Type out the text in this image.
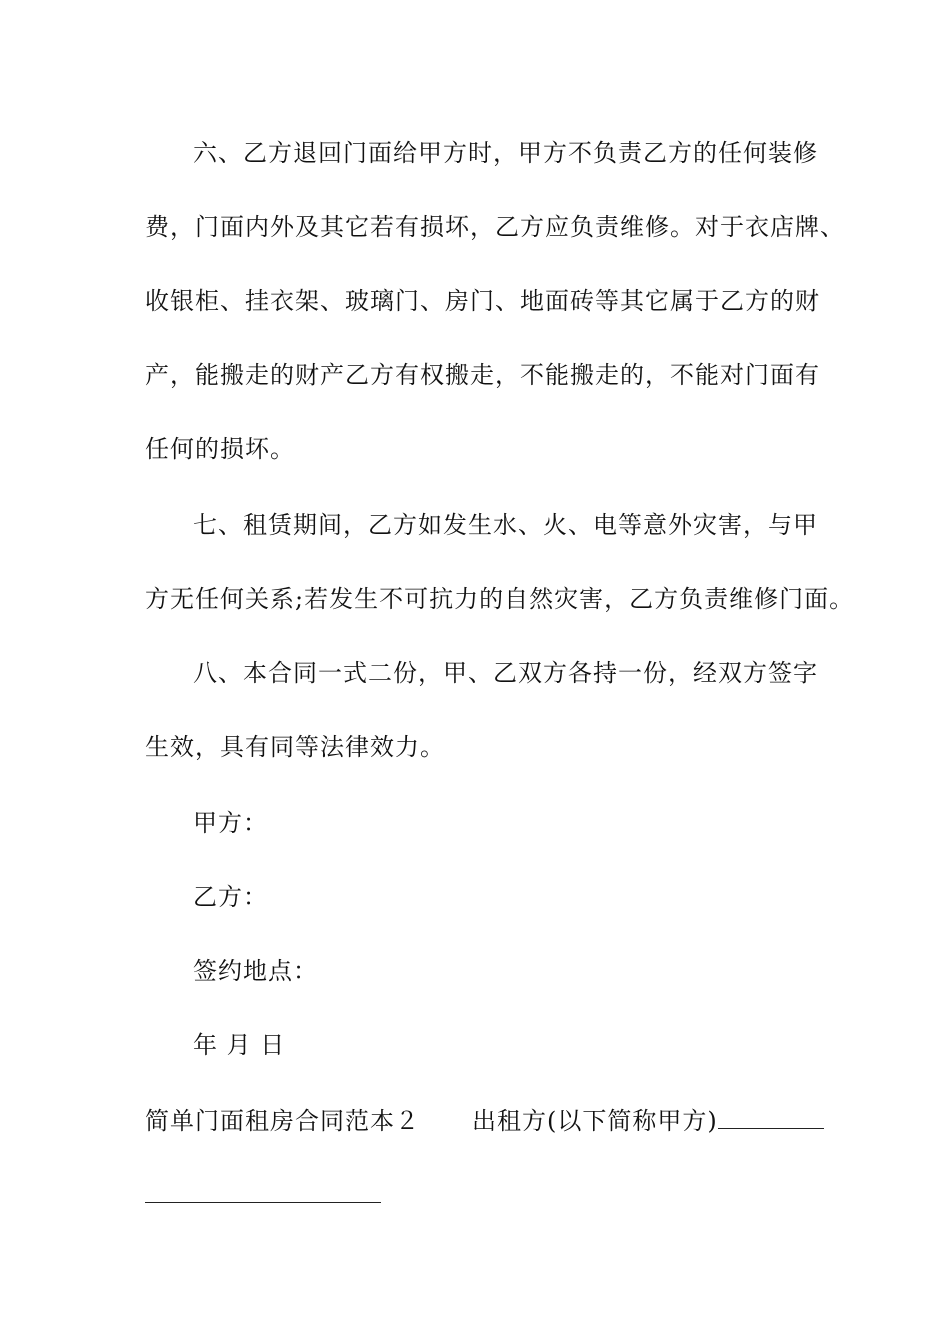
六、乙方退回门面给甲方时，甲方不负责乙方的任何装修
费，门面内外及其它若有损坏，乙方应负责维修。对于衣店牌、
收银柜、挂衣架、玻璃门、房门、地面砖等其它属于乙方的财
产，能搬走的财产乙方有权搬走，不能搬走的，不能对门面有
任何的损坏。
七、租赁期间，乙方如发生水、火、电等意外灾害，与甲
方无任何关系;若发生不可抗力的自然灾害，乙方负责维修门面。
八、本合同一式二份，甲、乙双方各持一份，经双方签字
生效，具有同等法律效力。
甲方：
乙方：
签约地点：
年 月 日
简单门面租房合同范本２ 出租方(以下简称甲方)
